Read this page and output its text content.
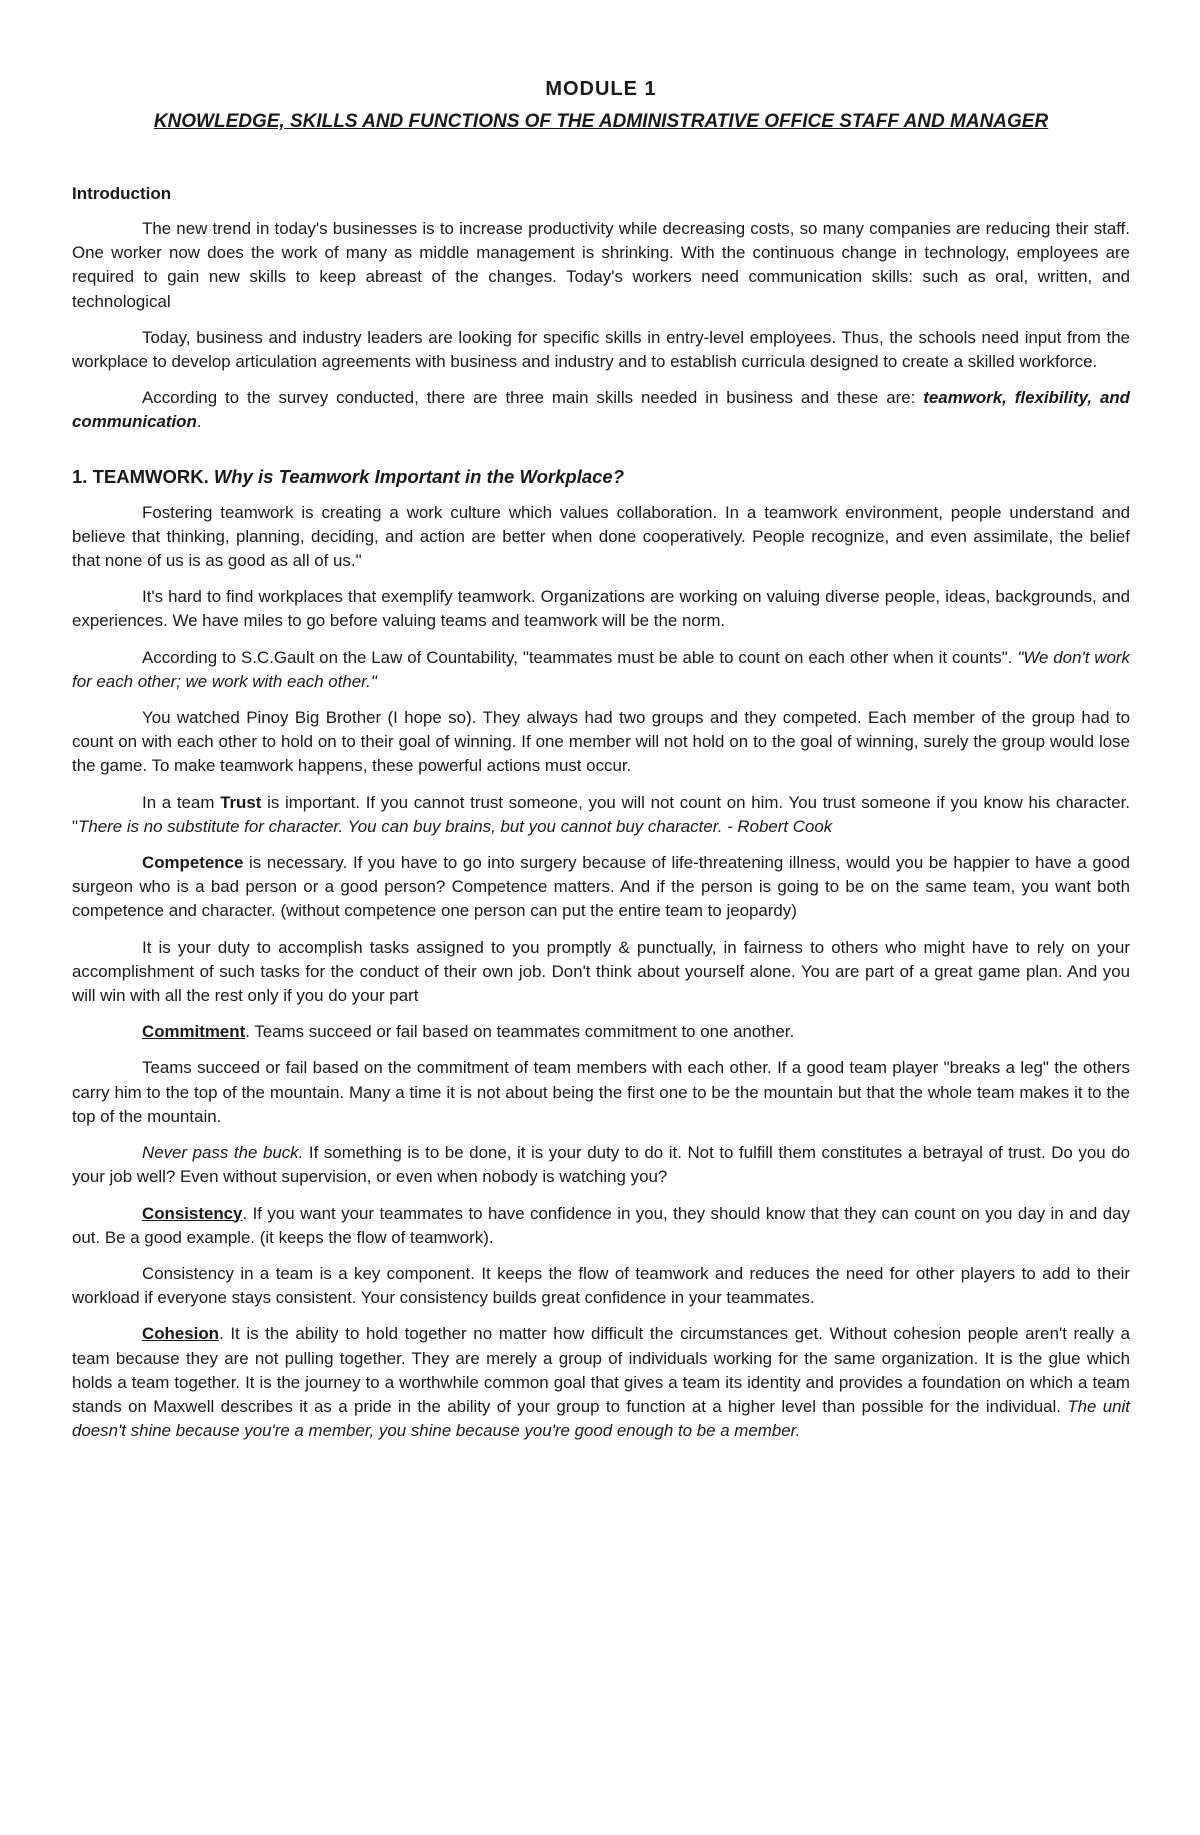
MODULE 1
KNOWLEDGE, SKILLS AND FUNCTIONS OF THE ADMINISTRATIVE OFFICE STAFF AND MANAGER
Introduction

The new trend in today's businesses is to increase productivity while decreasing costs, so many companies are reducing their staff. One worker now does the work of many as middle management is shrinking. With the continuous change in technology, employees are required to gain new skills to keep abreast of the changes. Today's workers need communication skills: such as oral, written, and technological

Today, business and industry leaders are looking for specific skills in entry-level employees. Thus, the schools need input from the workplace to develop articulation agreements with business and industry and to establish curricula designed to create a skilled workforce.

According to the survey conducted, there are three main skills needed in business and these are: teamwork, flexibility, and communication.

1. TEAMWORK. Why is Teamwork Important in the Workplace?

Fostering teamwork is creating a work culture which values collaboration. In a teamwork environment, people understand and believe that thinking, planning, deciding, and action are better when done cooperatively. People recognize, and even assimilate, the belief that none of us is as good as all of us."

It's hard to find workplaces that exemplify teamwork. Organizations are working on valuing diverse people, ideas, backgrounds, and experiences. We have miles to go before valuing teams and teamwork will be the norm.

According to S.C.Gault on the Law of Countability, "teammates must be able to count on each other when it counts". "We don't work for each other; we work with each other."

You watched Pinoy Big Brother (I hope so). They always had two groups and they competed. Each member of the group had to count on with each other to hold on to their goal of winning. If one member will not hold on to the goal of winning, surely the group would lose the game. To make teamwork happens, these powerful actions must occur.

In a team Trust is important. If you cannot trust someone, you will not count on him. You trust someone if you know his character. "There is no substitute for character. You can buy brains, but you cannot buy character. - Robert Cook

Competence is necessary. If you have to go into surgery because of life-threatening illness, would you be happier to have a good surgeon who is a bad person or a good person? Competence matters. And if the person is going to be on the same team, you want both competence and character. (without competence one person can put the entire team to jeopardy)

It is your duty to accomplish tasks assigned to you promptly & punctually, in fairness to others who might have to rely on your accomplishment of such tasks for the conduct of their own job. Don't think about yourself alone. You are part of a great game plan. And you will win with all the rest only if you do your part

Commitment. Teams succeed or fail based on teammates commitment to one another.

Teams succeed or fail based on the commitment of team members with each other. If a good team player "breaks a leg" the others carry him to the top of the mountain. Many a time it is not about being the first one to be the mountain but that the whole team makes it to the top of the mountain.

Never pass the buck. If something is to be done, it is your duty to do it. Not to fulfill them constitutes a betrayal of trust. Do you do your job well? Even without supervision, or even when nobody is watching you?

Consistency. If you want your teammates to have confidence in you, they should know that they can count on you day in and day out. Be a good example. (it keeps the flow of teamwork).

Consistency in a team is a key component. It keeps the flow of teamwork and reduces the need for other players to add to their workload if everyone stays consistent. Your consistency builds great confidence in your teammates.

Cohesion. It is the ability to hold together no matter how difficult the circumstances get. Without cohesion people aren't really a team because they are not pulling together. They are merely a group of individuals working for the same organization. It is the glue which holds a team together. It is the journey to a worthwhile common goal that gives a team its identity and provides a foundation on which a team stands on Maxwell describes it as a pride in the ability of your group to function at a higher level than possible for the individual. The unit doesn't shine because you're a member, you shine because you're good enough to be a member.
